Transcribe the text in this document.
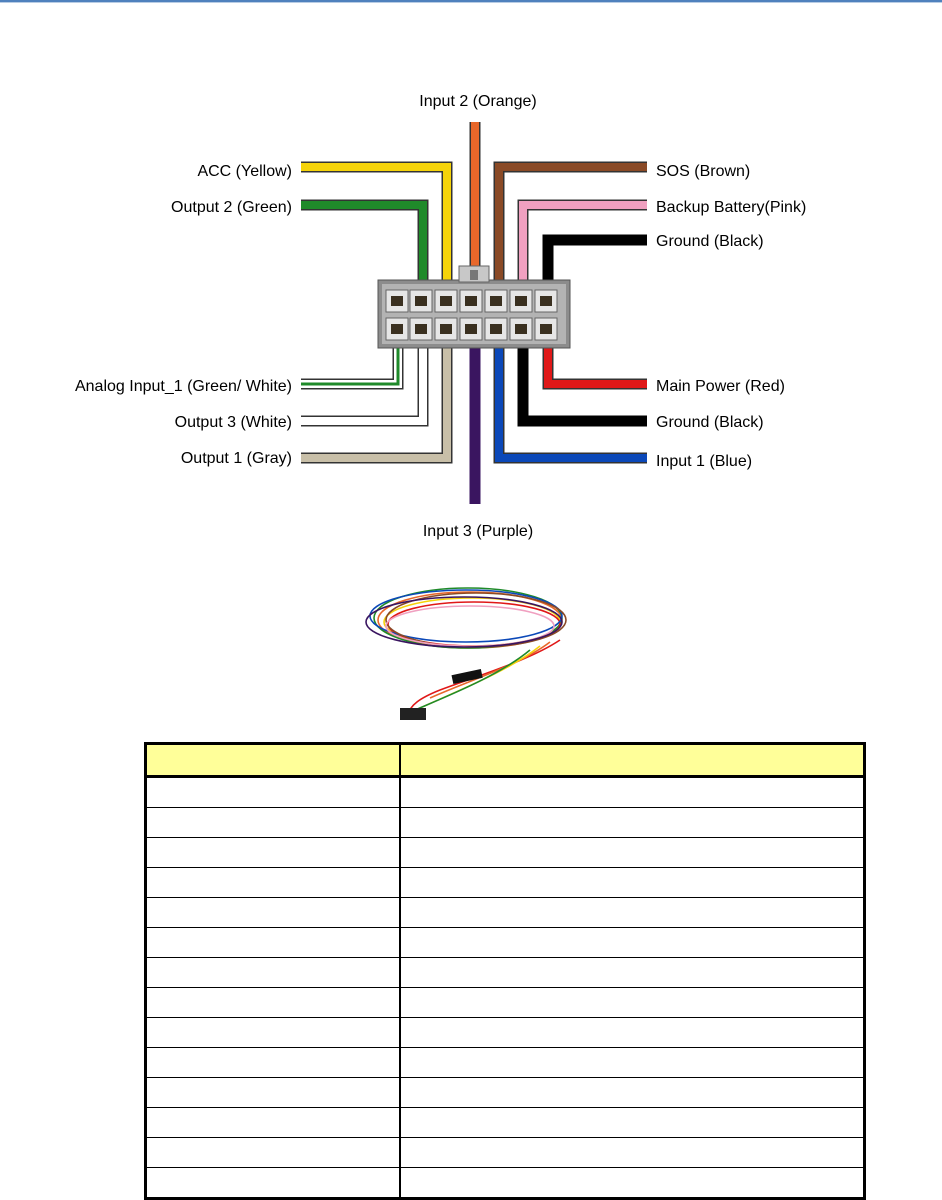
Input 2 (Orange)
ACC (Yellow)
Output 2 (Green)
SOS (Brown)
Backup Battery(Pink)
Ground (Black)
Analog Input_1 (Green/ White)
Output 3 (White)
Output 1 (Gray)
Main Power (Red)
Ground (Black)
Input 1 (Blue)
Input 3 (Purple)
